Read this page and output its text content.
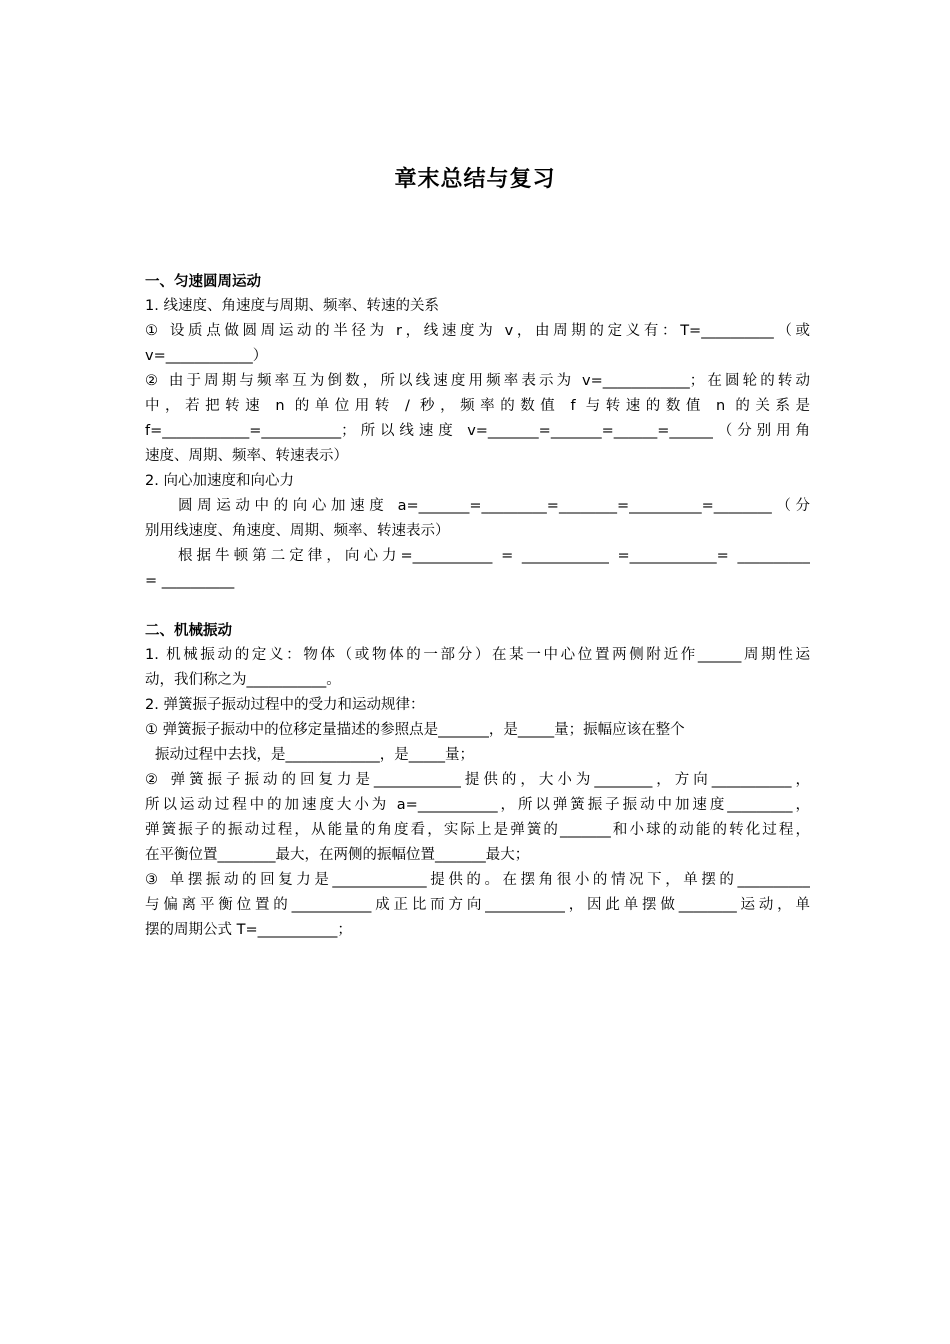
章末总结与复习
一、匀速圆周运动
1. 线速度、角速度与周期、频率、转速的关系
① 设质点做圆周运动的半径为 r，线速度为 v，由周期的定义有：T=__________（或
v=____________）
② 由于周期与频率互为倒数，所以线速度用频率表示为 v=____________；在圆轮的转动
中，若把转速 n 的单位用转 / 秒，频率的数值 f 与转速的数值 n 的关系是
f=____________=___________；所以线速度 v=_______=_______=______=______（分别用角
速度、周期、频率、转速表示）
2. 向心加速度和向心力
圆周运动中的向心加速度 a=_______=_________=________=__________=________（分
别用线速度、角速度、周期、频率、转速表示）
根据牛顿第二定律，向心力=___________ = ____________ =____________= __________
= __________
二、机械振动
1. 机械振动的定义：物体（或物体的一部分）在某一中心位置两侧附近作______周期性运
动，我们称之为___________。
2. 弹簧振子振动过程中的受力和运动规律：
① 弹簧振子振动中的位移定量描述的参照点是_______，是_____量；振幅应该在整个
振动过程中去找，是_____________，是_____量；
② 弹簧振子振动的回复力是____________提供的，大小为________，方向___________，
所以运动过程中的加速度大小为 a=___________，所以弹簧振子振动中加速度_________，
弹簧振子的振动过程，从能量的角度看，实际上是弹簧的_______和小球的动能的转化过程，
在平衡位置________最大，在两侧的振幅位置_______最大；
③ 单摆振动的回复力是_____________提供的。在摆角很小的情况下，单摆的__________
与偏离平衡位置的___________成正比而方向___________，因此单摆做________运动，单
摆的周期公式 T=___________；
